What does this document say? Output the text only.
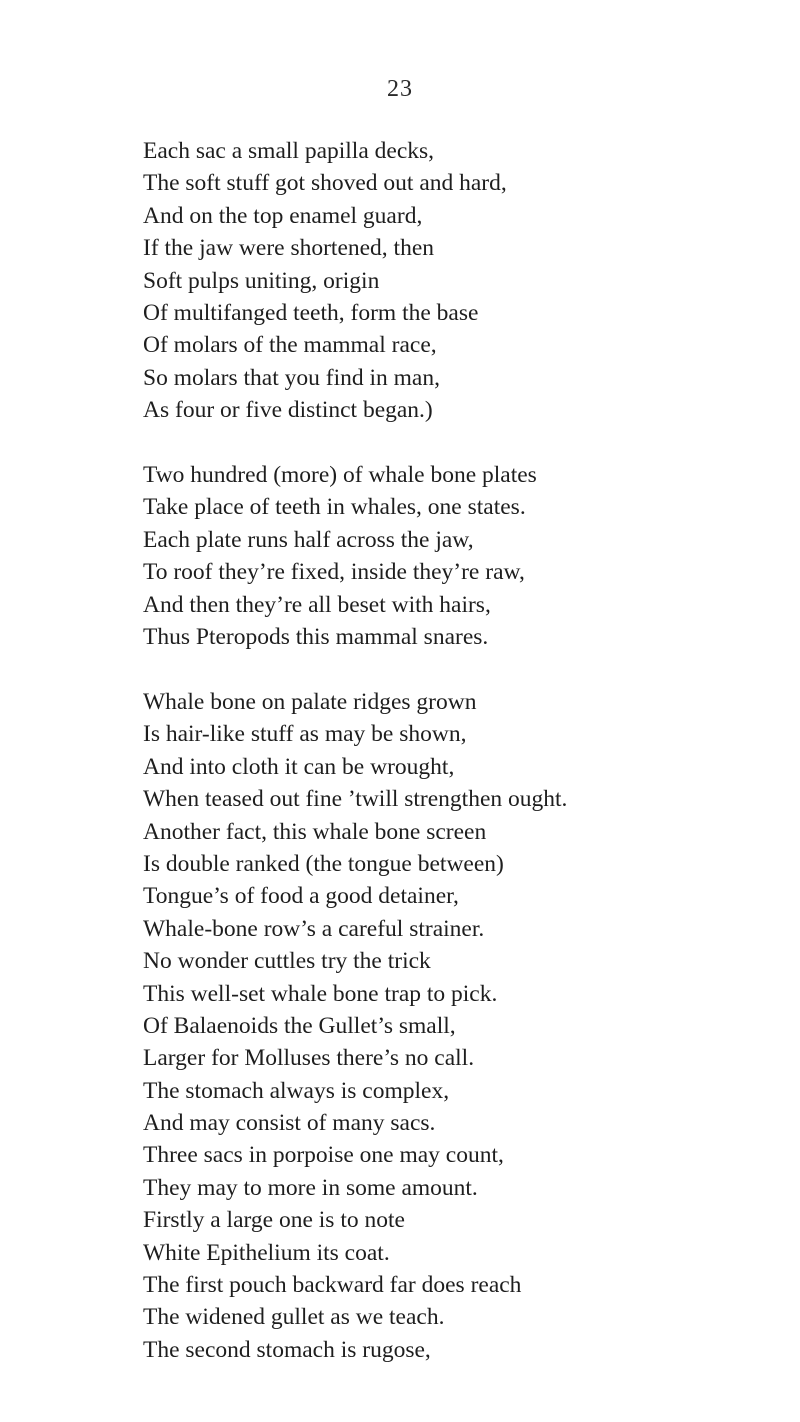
23
Each sac a small papilla decks,
The soft stuff got shoved out and hard,
And on the top enamel guard,
If the jaw were shortened, then
Soft pulps uniting, origin
Of multifanged teeth, form the base
Of molars of the mammal race,
So molars that you find in man,
As four or five distinct began.)
Two hundred (more) of whale bone plates
Take place of teeth in whales, one states.
Each plate runs half across the jaw,
To roof they’re fixed, inside they’re raw,
And then they’re all beset with hairs,
Thus Pteropods this mammal snares.
Whale bone on palate ridges grown
Is hair-like stuff as may be shown,
And into cloth it can be wrought,
When teased out fine ’twill strengthen ought.
Another fact, this whale bone screen
Is double ranked (the tongue between)
Tongue’s of food a good detainer,
Whale-bone row’s a careful strainer.
No wonder cuttles try the trick
This well-set whale bone trap to pick.
Of Balaenoids the Gullet’s small,
Larger for Molluses there’s no call.
The stomach always is complex,
And may consist of many sacs.
Three sacs in porpoise one may count,
They may to more in some amount.
Firstly a large one is to note
White Epithelium its coat.
The first pouch backward far does reach
The widened gullet as we teach.
The second stomach is rugose,
